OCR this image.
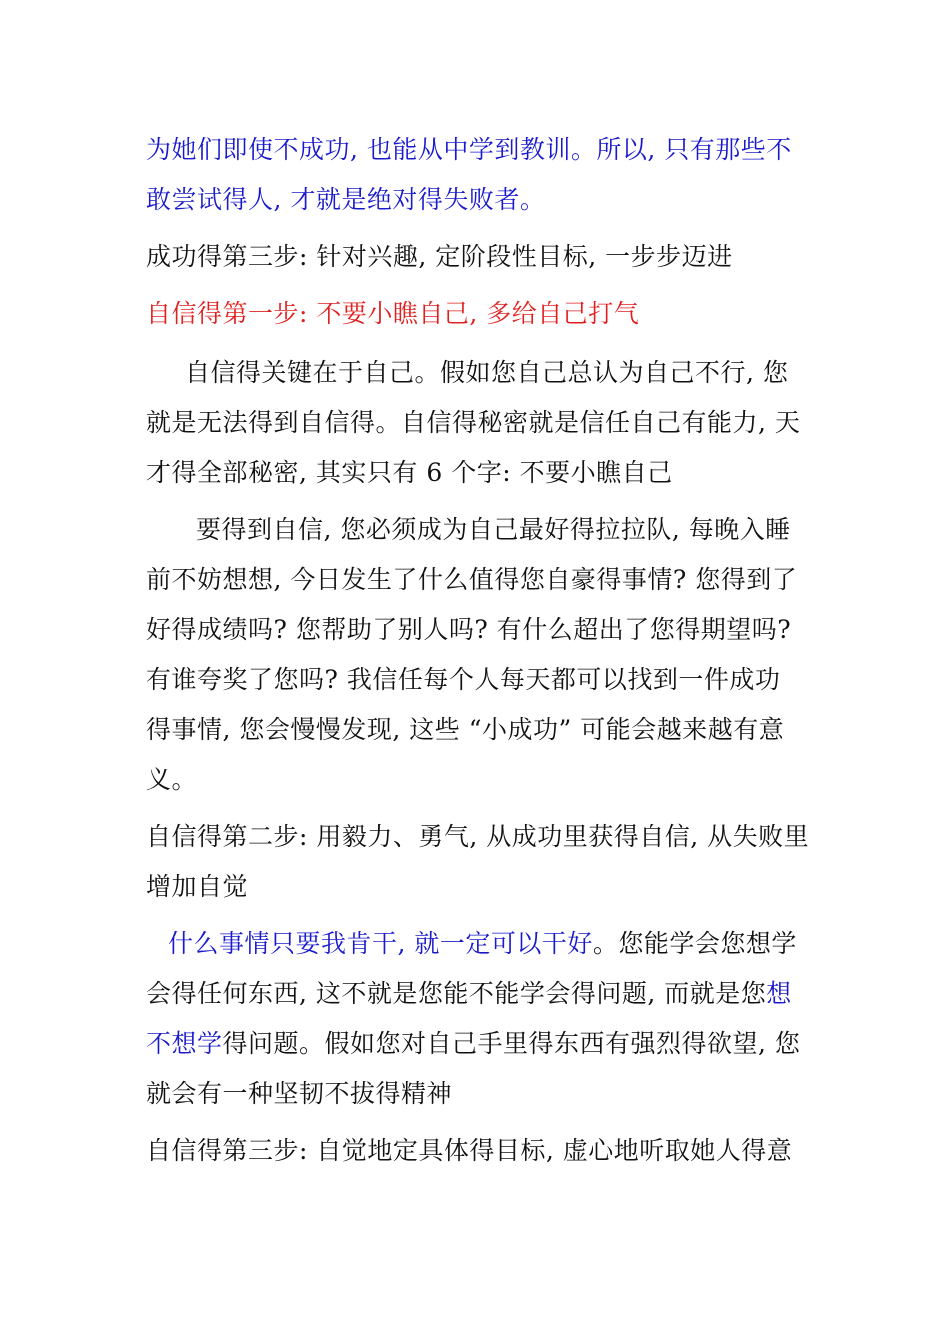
为她们即使不成功, 也能从中学到教训。所以, 只有那些不
敢尝试得人, 才就是绝对得失败者。
成功得第三步: 针对兴趣, 定阶段性目标, 一步步迈进
自信得第一步: 不要小瞧自己, 多给自己打气
自信得关键在于自己。假如您自己总认为自己不行, 您
就是无法得到自信得。自信得秘密就是信任自己有能力, 天
才得全部秘密, 其实只有 6 个字: 不要小瞧自己
要得到自信, 您必须成为自己最好得拉拉队, 每晚入睡
前不妨想想, 今日发生了什么值得您自豪得事情? 您得到了
好得成绩吗? 您帮助了别人吗? 有什么超出了您得期望吗?
有谁夸奖了您吗? 我信任每个人每天都可以找到一件成功
得事情, 您会慢慢发现, 这些 “小成功” 可能会越来越有意
义。
自信得第二步: 用毅力、勇气, 从成功里获得自信, 从失败里
增加自觉
什么事情只要我肯干, 就一定可以干好。您能学会您想学
会得任何东西, 这不就是您能不能学会得问题, 而就是您想
不想学得问题。假如您对自己手里得东西有强烈得欲望, 您
就会有一种坚韧不拔得精神
自信得第三步: 自觉地定具体得目标, 虚心地听取她人得意
